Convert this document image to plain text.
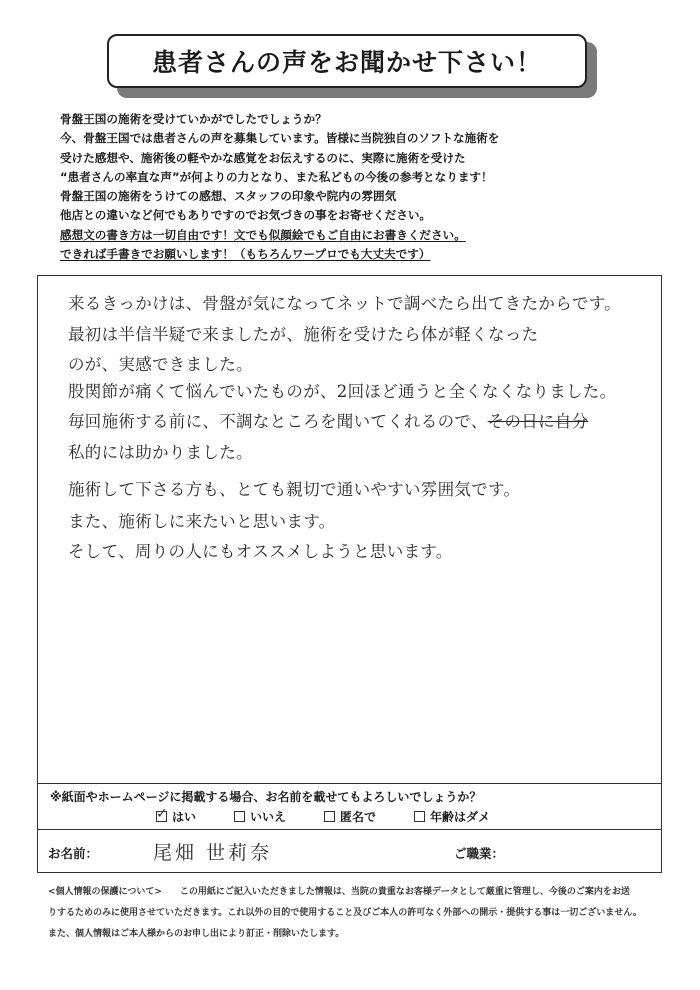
患者さんの声をお聞かせ下さい！
骨盤王国の施術を受けていかがでしたでしょうか？
今、骨盤王国では患者さんの声を募集しています。皆様に当院独自のソフトな施術を
受けた感想や、施術後の軽やかな感覚をお伝えするのに、実際に施術を受けた
“患者さんの率直な声”が何よりの力となり、また私どもの今後の参考となります！
骨盤王国の施術をうけての感想、スタッフの印象や院内の雰囲気
他店との違いなど何でもありですのでお気づきの事をお寄せください。
感想文の書き方は一切自由です！文でも似顔絵でもご自由にお書きください。
できれば手書きでお願いします！（もちろんワープロでも大丈夫です）
来るきっかけは、骨盤が気になってネットで調べたら出てきたからです。
最初は半信半疑で来ましたが、施術を受けたら体が軽くなった
のが、実感できました。
股関節が痛くて悩んでいたものが、2回ほど通うと全くなくなりました。
毎回施術する前に、不調なところを聞いてくれるので、その日に自分
私的には助かりました。
施術して下さる方も、とても親切で通いやすい雰囲気です。
また、施術しに来たいと思います。
そして、周りの人にもオススメしようと思います。
※紙面やホームページに掲載する場合、お名前を載せてもよろしいでしょうか？
✓
はい	いいえ	匿名で	年齢はダメ
お名前：	尾畑 世莉奈	ご職業：
<個人情報の保護について>　　この用紙にご記入いただきました情報は、当院の貴重なお客様データとして厳重に管理し、今後のご案内をお送
りするためのみに使用させていただきます。これ以外の目的で使用すること及びご本人の許可なく外部への開示・提供する事は一切ございません。
また、個人情報はご本人様からのお申し出により訂正・削除いたします。
